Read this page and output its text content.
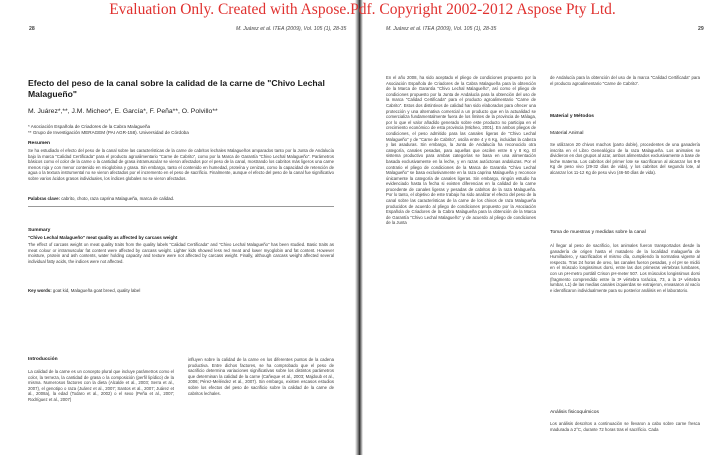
Evaluation Only. Created with Aspose.Pdf. Copyright 2002-2012 Aspose Pty Ltd.
28	M. Juárez et al. ITEA (2009), Vol. 105 (1), 28-35
Efecto del peso de la canal sobre la calidad de la carne de "Chivo Lechal Malagueño"
M. Juárez*,**, J.M. Micheo*, E. García*, F. Peña**, O. Polvillo**
* Asociación Española de Criadores de la Cabra Malagueña
** Grupo de Investigación MERAGEM (PAI AGR-158). Universidad de Córdoba
Resumen
Se ha estudiado el efecto del peso de la canal sobre las características de la carne de cabritos lechales Malagueños amparados tanto por la Junta de Andalucía bajo la marca "Calidad Certificada" para el producto agroalimentario "Carne de Cabrito", como por la Marca de Garantía "Chivo Lechal Malagueño". Parámetros básicos como el color de la carne o la cantidad de grasa intramuscular se vieron afectados por el peso de la canal, mostrando los cabritos más ligeros una carne menos roja y con menor contenido en mioglobina y grasa. Sin embargo, tanto el contenido en humedad, proteína y cenizas, como la capacidad de retención de agua o la textura instrumental no se vieron afectados por el incremento en el peso de sacrificio. Finalmente, aunque el efecto del peso de la canal fue significativo sobre varios ácidos grasos individuales, los índices globales no se vieron afectados.
Palabras clave: cabrito, choto, raza caprina Malagueña, marca de calidad.
Summary
"Chivo Lechal Malagueño" meat quality as affected by carcass weight
The effect of carcass weight on meat quality traits from the quality labels "Calidad Certificada" and "Chivo Lechal Malagueño" has been studied. Basic traits as meat colour or intramuscular fat content were affected by carcass weight. Lighter kids showed less red meat and lower myoglobin and fat content. However moisture, protein and ash contents, water holding capacity and texture were not affected by carcass weight. Finally, although carcass weight affected several individual fatty acids, the indices were not affected.
Key words: goat kid, Malagueña goat breed, quality label
Introducción
La calidad de la carne es un concepto plural que incluye parámetros como el color, la terneza, la cantidad de grasa o la composición (perfil lipídico) de la misma. Numerosos factores con la dieta (Alcalde et al., 2003; Serra et al., 2007), el genotipo o raza (Juárez et al., 2007; Santos et al., 2007; Juárez et al., 2008a), la edad (Todaro et al., 2002) o el sexo (Peña et al., 2007; Rodríguez et al., 2007)
influyen sobre la calidad de la carne en los diferentes puntos de la cadena productiva. Entre dichos factores, se ha comprobado que el peso de sacrificio determina variaciones significativas sobre los distintos parámetros que determinan la calidad de la carne (Cañeque et al., 2003; Majdoub et al., 2006; Pérez-Meléndez et al., 2007). Sin embargo, existen escasos estudios sobre los efectos del peso de sacrificio sobre la calidad de la carne de cabritos lechales.
M. Juárez et al. ITEA (2009), Vol. 105 (1), 28-35	29
En el año 2008, ha sido aceptado el pliego de condiciones propuesto por la Asociación Española de Criadores de la Cabra Malagueña para la obtención de la Marca de Garantía "Chivo Lechal Malagueño", así como el pliego de condiciones propuesto por la Junta de Andalucía para la obtención del uso de la marca "Calidad Certificada" para el producto agroalimentario "Carne de Cabrito". Estos dos distintivos de calidad han sido elaborados para ofrecer una protección y una alternativa comercial a un producto que en la actualidad se comercializa fundamentalmente fuera de los límites de la provincia de Málaga, por lo que el valor añadido generado sobre este producto no participa en el crecimiento económico de esta provincia (Micheo, 2001). En ambos pliegos de condiciones, el peso admitido para las canales ligeras de "Chivo Lechal Malagueño" y de "Carne de Cabrito", oscila entre 4 y 6 Kg, incluidas la cabeza y las asaduras. Sin embargo, la Junta de Andalucía ha reconocido otra categoría, canales pesadas, para aquellas que oscilen entre 6 y 8 Kg. El sistema productivo para ambas categorías se basa en una alimentación basada exclusivamente en la leche, y en razas autóctonas andaluzas. Por el contrario el pliego de condiciones de la Marca de Garantía "Chivo Lechal Malagueño" se basa exclusivamente en la raza caprina Malagueña y reconoce únicamente la categoría de canales ligeras. Sin embargo, ningún estudio ha evidenciado hasta la fecha si existen diferencias en la calidad de la carne procedente de canales ligeras y pesadas de cabritos de la raza Malagueña. Por lo tanto, el objetivo de este trabajo ha sido analizar el efecto del peso de la canal sobre las características de la carne de los chivos de raza Malagueña producidos de acuerdo al pliego de condiciones propuesto por la Asociación Española de Criadores de la Cabra Malagueña para la obtención de la Marca de Garantía "Chivo Lechal Malagueño" y de acuerdo al pliego de condiciones de la Junta
de Andalucía para la obtención del uso de la marca "Calidad Certificada" para el producto agroalimentario "Carne de Cabrito".
Material y Métodos
Material Animal
Se utilizaron 20 chivos machos (parto doble), procedentes de una ganadería inscrita en el Libro Genealógico de la raza Malagueña. Los animales se dividieron en dos grupos al azar, ambos alimentados exclusivamente a base de leche materna. Los cabritos del primer lote se sacrificaron al alcanzar los 8-9 Kg de peso vivo (29-32 días de vida), y los cabritos del segundo lote, al alcanzar los 11-12 Kg de peso vivo (46-50 días de vida).
Toma de muestras y medidas sobre la canal
Al llegar al peso de sacrificio, los animales fueron transportados desde la ganadería de origen hasta el matadero de la localidad malagueña de Humilladero, y sacrificados el mismo día, cumpliendo la normativa vigente al respecto. Tras 24 horas de oreo, las canales fueron pesadas, y el pH se midió en el músculo longissimus dorsi, entre las dos primeras vértebras lumbares, con un pH-metro portátil Crison pH-meter 507. Los músculos longissimus dorsi (fragmento comprendido entre la 3ª vértebra torácica, 73, a la 1ª vértebra lumbar, L1) de las medias canales izquierdas se extrajeron, envasaron al vacío e identificaron individualmente para su posterior análisis en el laboratorio.
Análisis fisicoquímicos
Los análisis descritos a continuación se llevaron a cabo sobre carne fresca madurada a 2°C, durante 72 horas tras el sacrificio. Cada
